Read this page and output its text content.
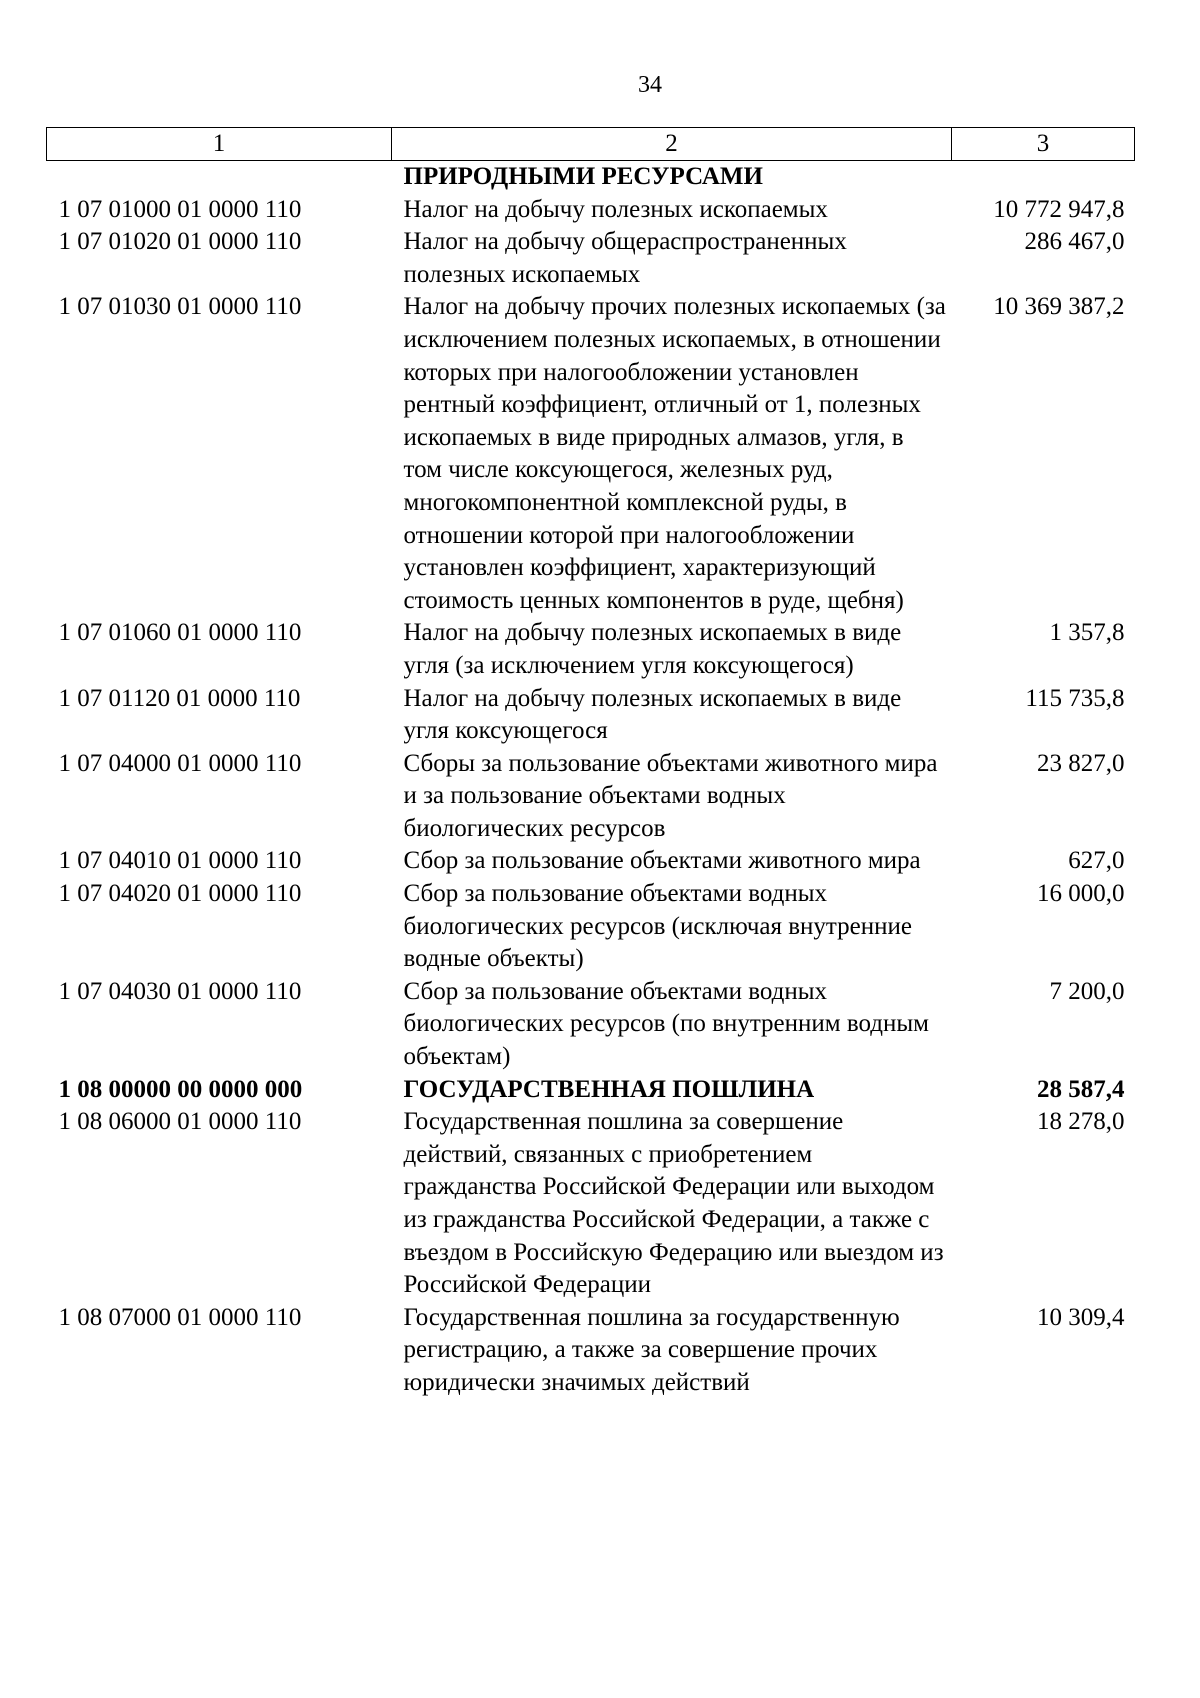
34
1	2	3
	ПРИРОДНЫМИ РЕСУРСАМИ	
1 07 01000 01 0000 110	Налог на добычу полезных ископаемых	10 772 947,8
1 07 01020 01 0000 110	Налог на добычу общераспространенных полезных ископаемых	286 467,0
1 07 01030 01 0000 110	Налог на добычу прочих полезных ископаемых (за исключением полезных ископаемых, в отношении которых при налогообложении установлен рентный коэффициент, отличный от 1, полезных ископаемых в виде природных алмазов, угля, в том числе коксующегося, железных руд, многокомпонентной комплексной руды, в отношении которой при налогообложении установлен коэффициент, характеризующий стоимость ценных компонентов в руде, щебня)	10 369 387,2
1 07 01060 01 0000 110	Налог на добычу полезных ископаемых в виде угля (за исключением угля коксующегося)	1 357,8
1 07 01120 01 0000 110	Налог на добычу полезных ископаемых в виде угля коксующегося	115 735,8
1 07 04000 01 0000 110	Сборы за пользование объектами животного мира и за пользование объектами водных биологических ресурсов	23 827,0
1 07 04010 01 0000 110	Сбор за пользование объектами животного мира	627,0
1 07 04020 01 0000 110	Сбор за пользование объектами водных биологических ресурсов (исключая внутренние водные объекты)	16 000,0
1 07 04030 01 0000 110	Сбор за пользование объектами водных биологических ресурсов (по внутренним водным объектам)	7 200,0
1 08 00000 00 0000 000	ГОСУДАРСТВЕННАЯ ПОШЛИНА	28 587,4
1 08 06000 01 0000 110	Государственная пошлина за совершение действий, связанных с приобретением гражданства Российской Федерации или выходом из гражданства Российской Федерации, а также с въездом в Российскую Федерацию или выездом из Российской Федерации	18 278,0
1 08 07000 01 0000 110	Государственная пошлина за государственную регистрацию, а также за совершение прочих юридически значимых действий	10 309,4
